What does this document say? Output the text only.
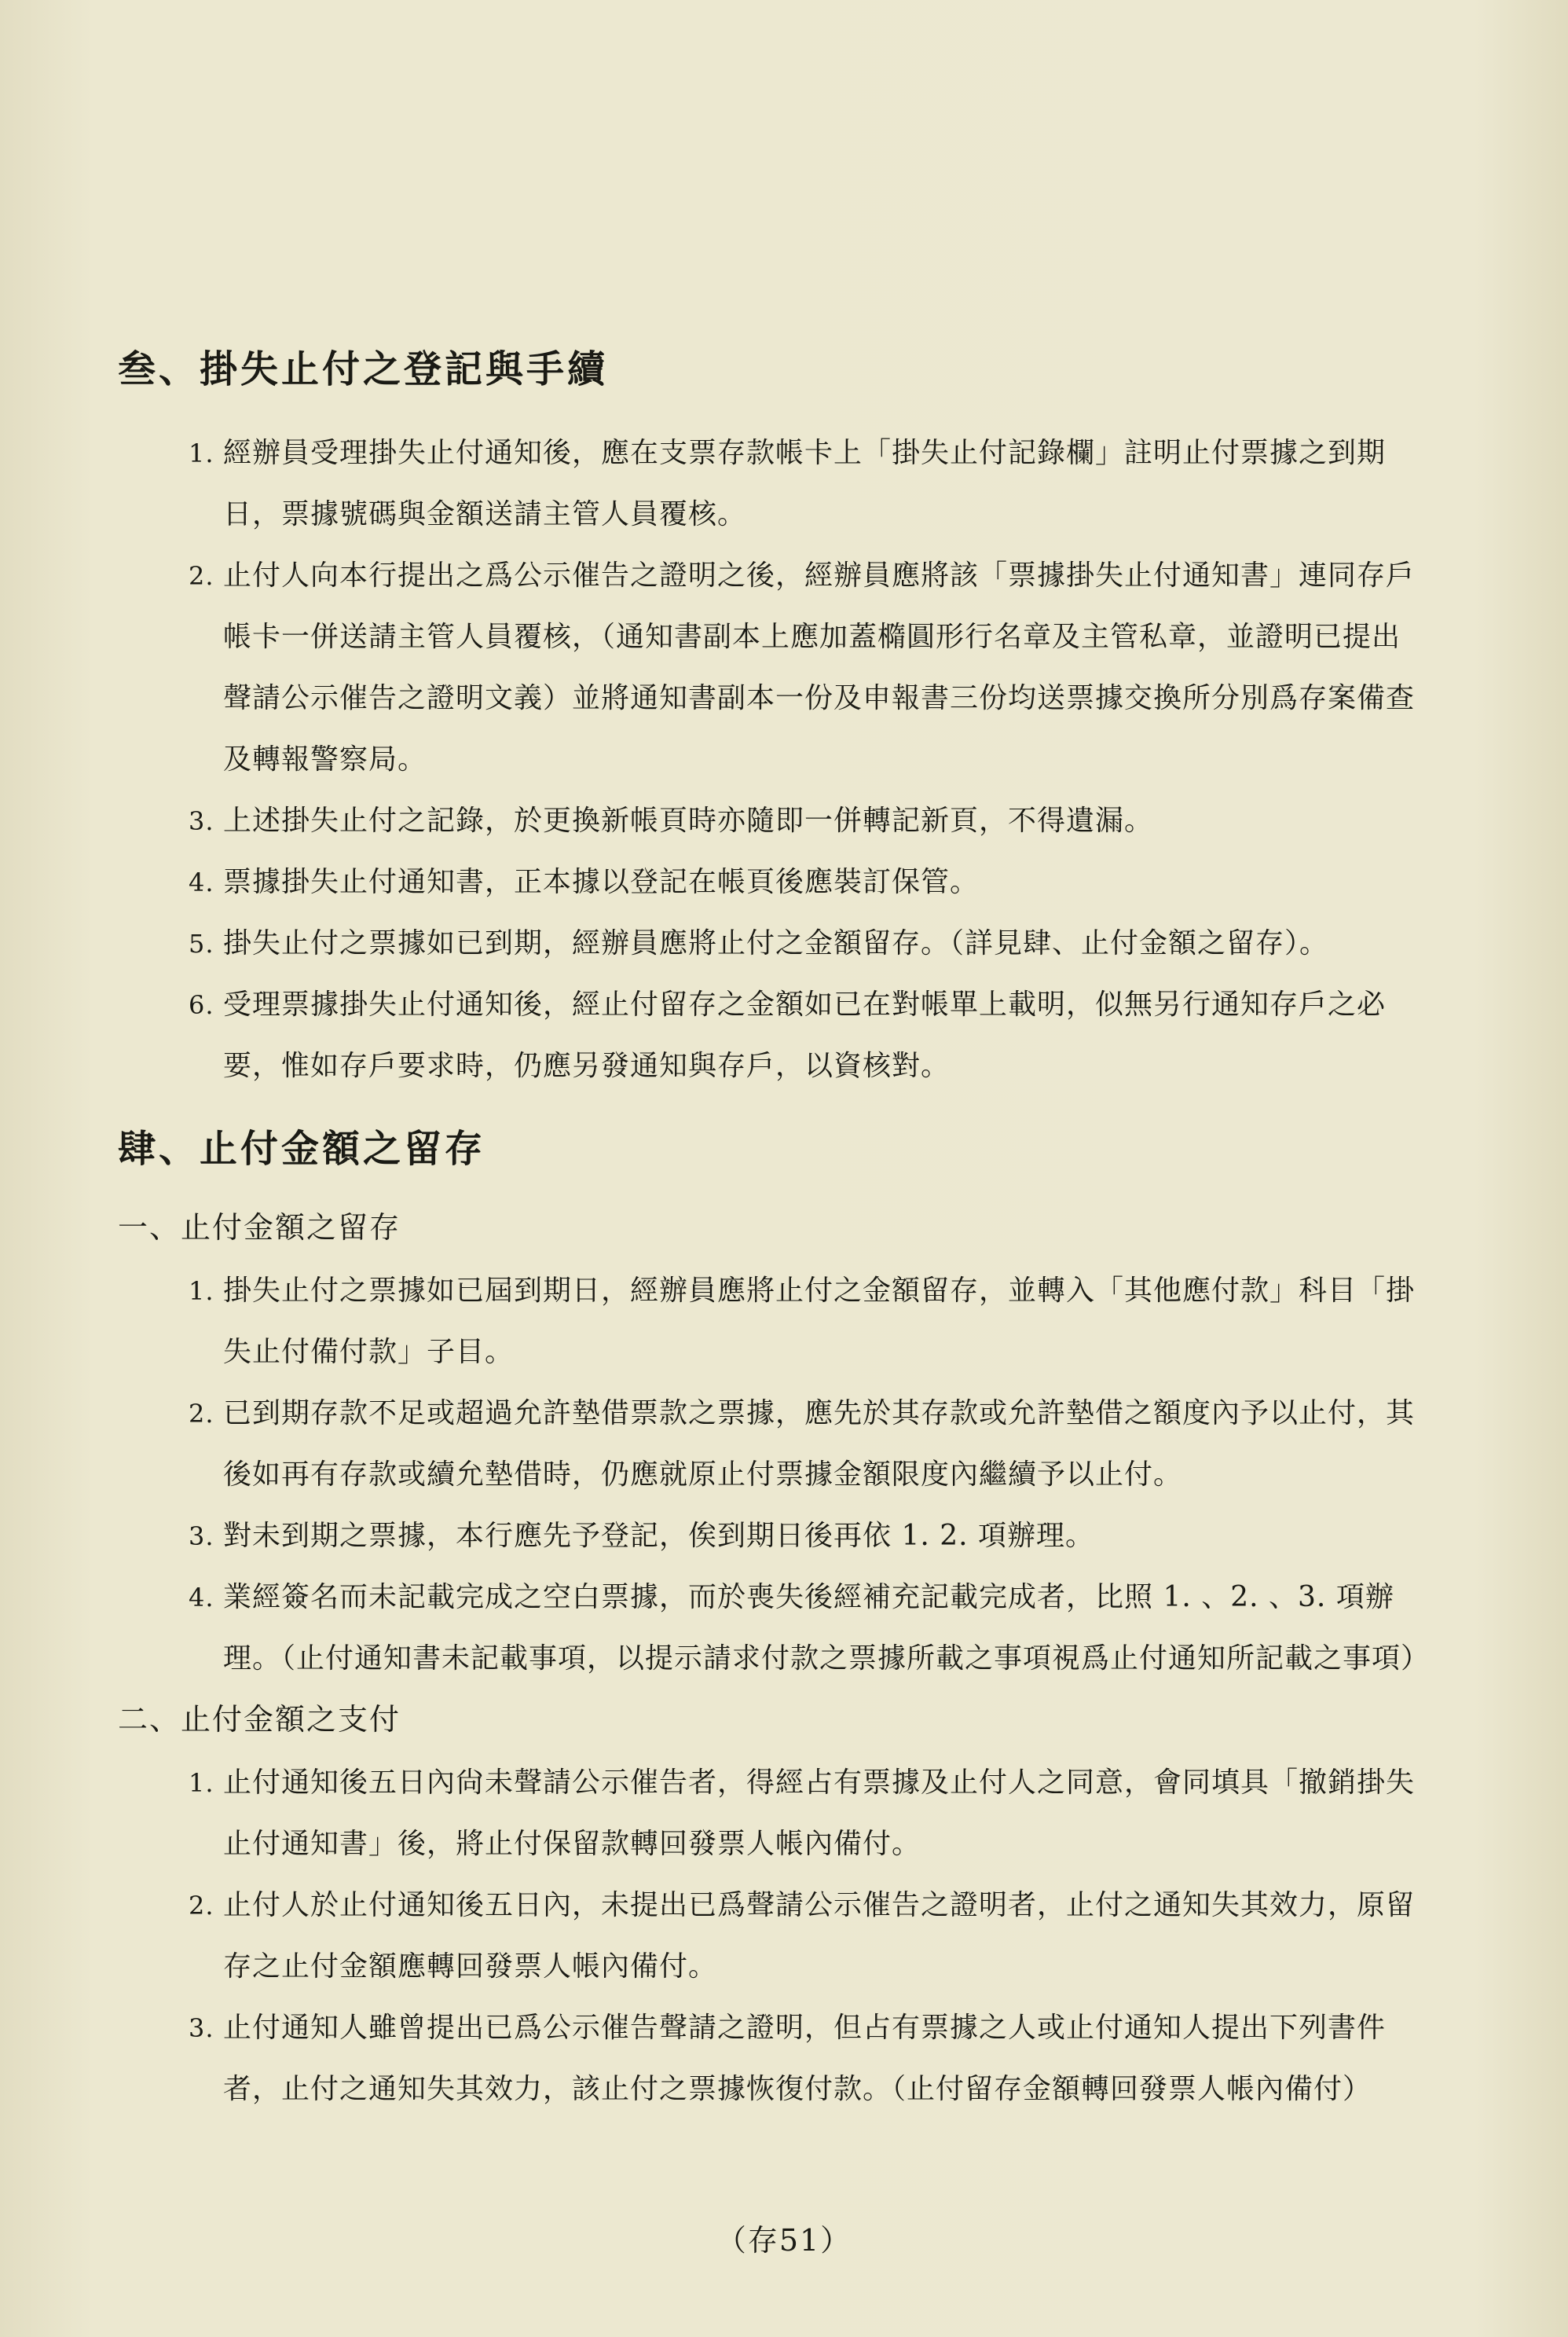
叁、掛失止付之登記與手續
1. 經辦員受理掛失止付通知後，應在支票存款帳卡上「掛失止付記錄欄」註明止付票據之到期日，票據號碼與金額送請主管人員覆核。
2. 止付人向本行提出之爲公示催告之證明之後，經辦員應將該「票據掛失止付通知書」連同存戶帳卡一併送請主管人員覆核，（通知書副本上應加蓋橢圓形行名章及主管私章，並證明已提出聲請公示催告之證明文義）並將通知書副本一份及申報書三份均送票據交換所分別爲存案備查及轉報警察局。
3. 上述掛失止付之記錄，於更換新帳頁時亦隨即一併轉記新頁，不得遺漏。
4. 票據掛失止付通知書，正本據以登記在帳頁後應裝訂保管。
5. 掛失止付之票據如已到期，經辦員應將止付之金額留存。（詳見肆、止付金額之留存）。
6. 受理票據掛失止付通知後，經止付留存之金額如已在對帳單上載明，似無另行通知存戶之必要，惟如存戶要求時，仍應另發通知與存戶，以資核對。
肆、止付金額之留存
一、止付金額之留存
1. 掛失止付之票據如已屆到期日，經辦員應將止付之金額留存，並轉入「其他應付款」科目「掛失止付備付款」子目。
2. 已到期存款不足或超過允許墊借票款之票據，應先於其存款或允許墊借之額度內予以止付，其後如再有存款或續允墊借時，仍應就原止付票據金額限度內繼續予以止付。
3. 對未到期之票據，本行應先予登記，俟到期日後再依 1. 2. 項辦理。
4. 業經簽名而未記載完成之空白票據，而於喪失後經補充記載完成者，比照 1. 、2. 、3. 項辦理。（止付通知書未記載事項，以提示請求付款之票據所載之事項視爲止付通知所記載之事項）
二、止付金額之支付
1. 止付通知後五日內尙未聲請公示催告者，得經占有票據及止付人之同意，會同填具「撤銷掛失止付通知書」後，將止付保留款轉回發票人帳內備付。
2. 止付人於止付通知後五日內，未提出已爲聲請公示催告之證明者，止付之通知失其效力，原留存之止付金額應轉回發票人帳內備付。
3. 止付通知人雖曾提出已爲公示催告聲請之證明，但占有票據之人或止付通知人提出下列書件者，止付之通知失其效力，該止付之票據恢復付款。（止付留存金額轉回發票人帳內備付）
（存51）
